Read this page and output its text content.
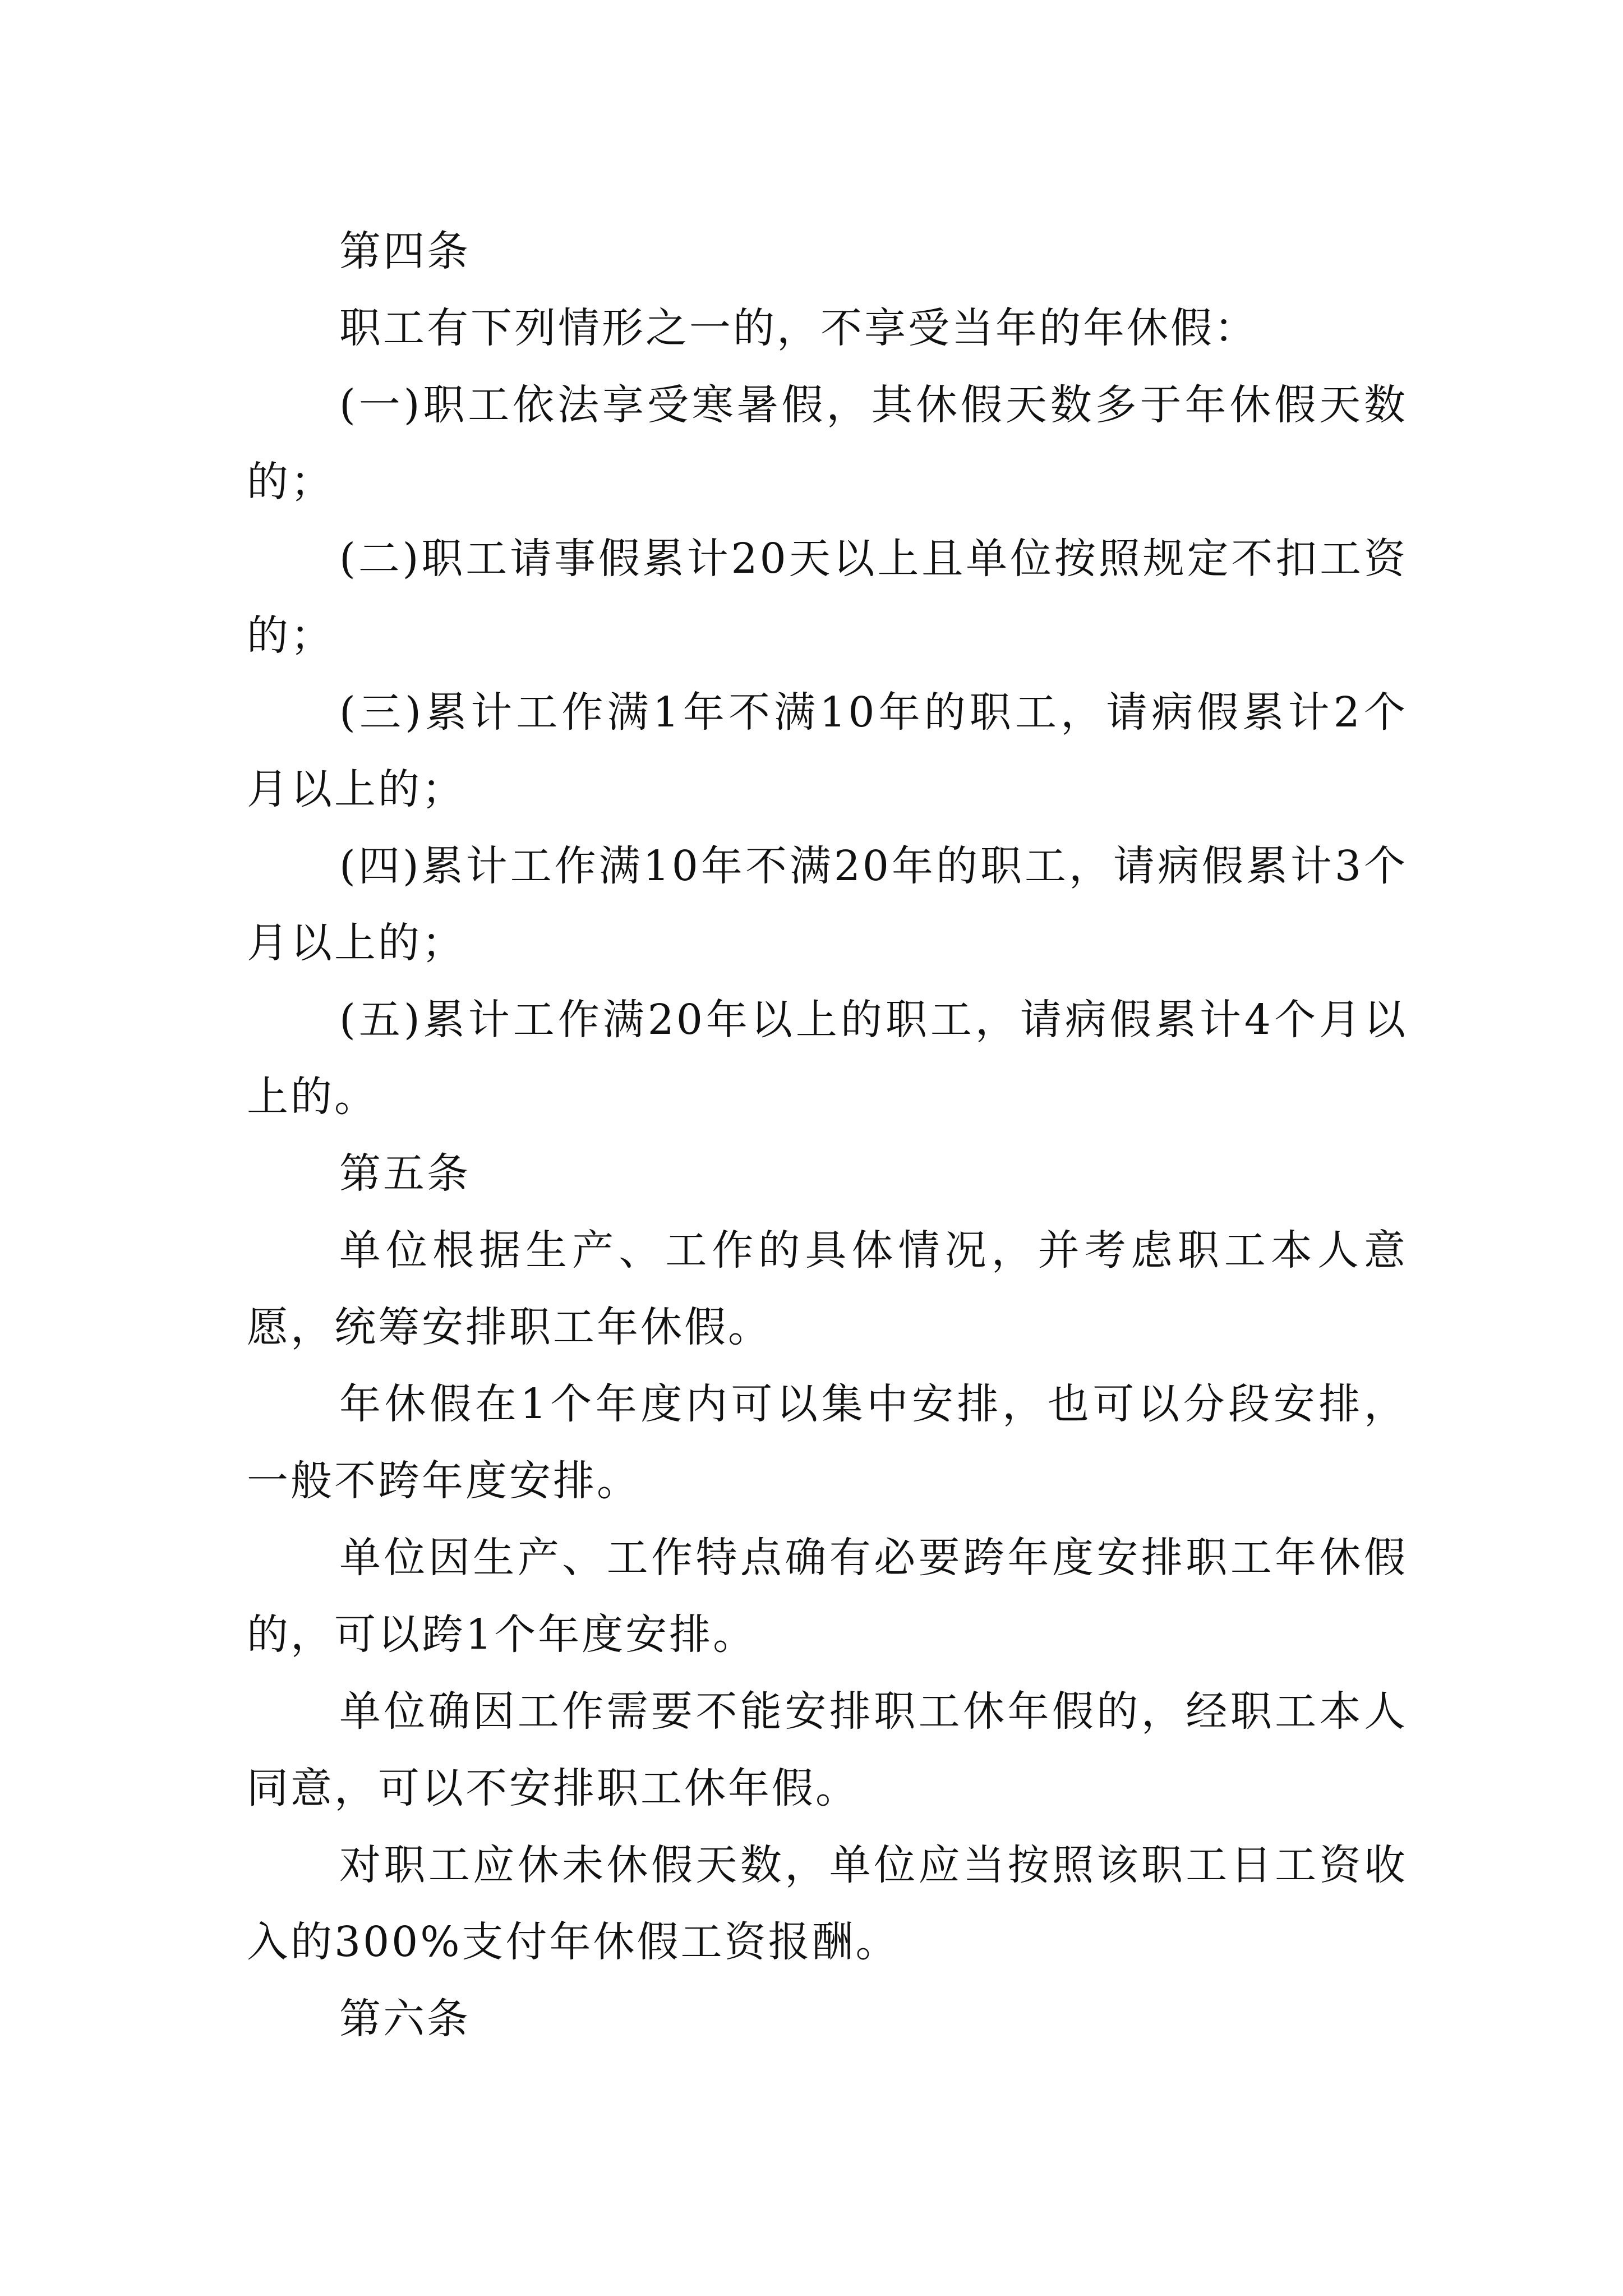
第四条

职工有下列情形之一的，不享受当年的年休假：

(一)职工依法享受寒暑假，其休假天数多于年休假天数的；

(二)职工请事假累计20天以上且单位按照规定不扣工资的；

(三)累计工作满1年不满10年的职工，请病假累计2个月以上的；

(四)累计工作满10年不满20年的职工，请病假累计3个月以上的；

(五)累计工作满20年以上的职工，请病假累计4个月以上的。

第五条

单位根据生产、工作的具体情况，并考虑职工本人意愿，统筹安排职工年休假。

年休假在1个年度内可以集中安排，也可以分段安排，一般不跨年度安排。

单位因生产、工作特点确有必要跨年度安排职工年休假的，可以跨1个年度安排。

单位确因工作需要不能安排职工休年假的，经职工本人同意，可以不安排职工休年假。

对职工应休未休假天数，单位应当按照该职工日工资收入的300%支付年休假工资报酬。

第六条
